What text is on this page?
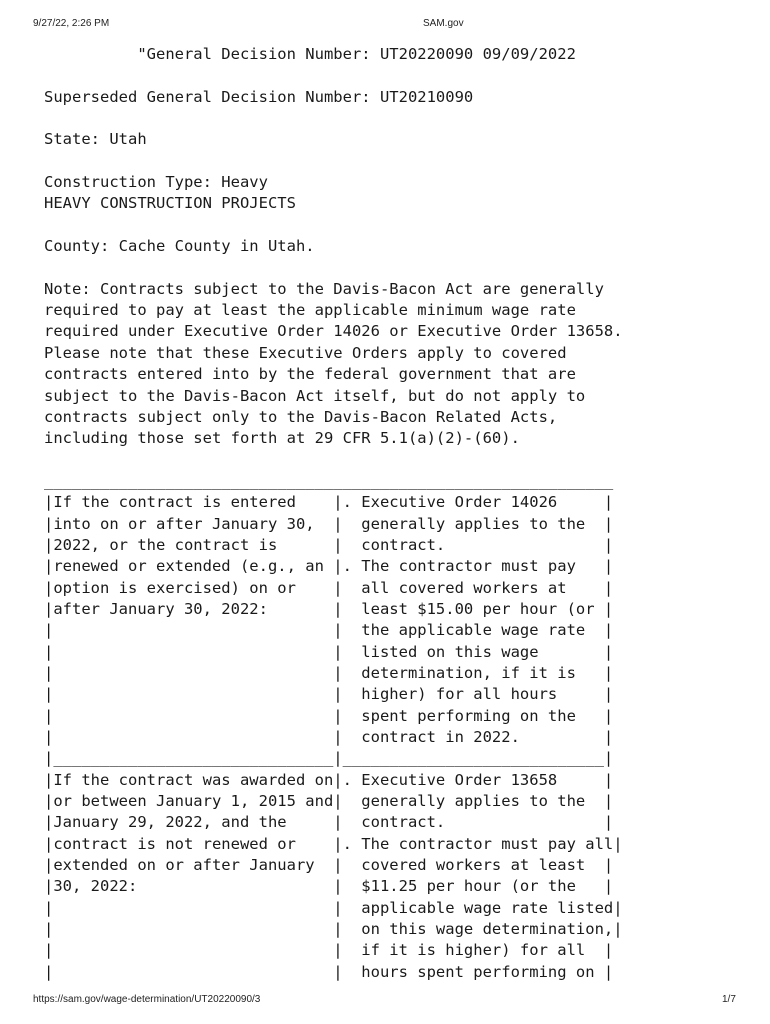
9/27/22, 2:26 PM	SAM.gov
"General Decision Number: UT20220090 09/09/2022

Superseded General Decision Number: UT20210090

State: Utah

Construction Type: Heavy
HEAVY CONSTRUCTION PROJECTS

County: Cache County in Utah.

Note: Contracts subject to the Davis-Bacon Act are generally
required to pay at least the applicable minimum wage rate
required under Executive Order 14026 or Executive Order 13658.
Please note that these Executive Orders apply to covered
contracts entered into by the federal government that are
subject to the Davis-Bacon Act itself, but do not apply to
contracts subject only to the Davis-Bacon Related Acts,
including those set forth at 29 CFR 5.1(a)(2)-(60).

_____________________________________________________________
|If the contract is entered    |. Executive Order 14026     |
|into on or after January 30,  |  generally applies to the  |
|2022, or the contract is      |  contract.                 |
|renewed or extended (e.g., an |. The contractor must pay   |
|option is exercised) on or    |  all covered workers at    |
|after January 30, 2022:       |  least $15.00 per hour (or |
|                              |  the applicable wage rate  |
|                              |  listed on this wage       |
|                              |  determination, if it is   |
|                              |  higher) for all hours     |
|                              |  spent performing on the   |
|                              |  contract in 2022.         |
|______________________________|____________________________|
|If the contract was awarded on|. Executive Order 13658     |
|or between January 1, 2015 and|  generally applies to the  |
|January 29, 2022, and the     |  contract.                 |
|contract is not renewed or    |. The contractor must pay all|
|extended on or after January  |  covered workers at least  |
|30, 2022:                     |  $11.25 per hour (or the   |
|                              |  applicable wage rate listed|
|                              |  on this wage determination,|
|                              |  if it is higher) for all  |
|                              |  hours spent performing on |
https://sam.gov/wage-determination/UT20220090/3	1/7
